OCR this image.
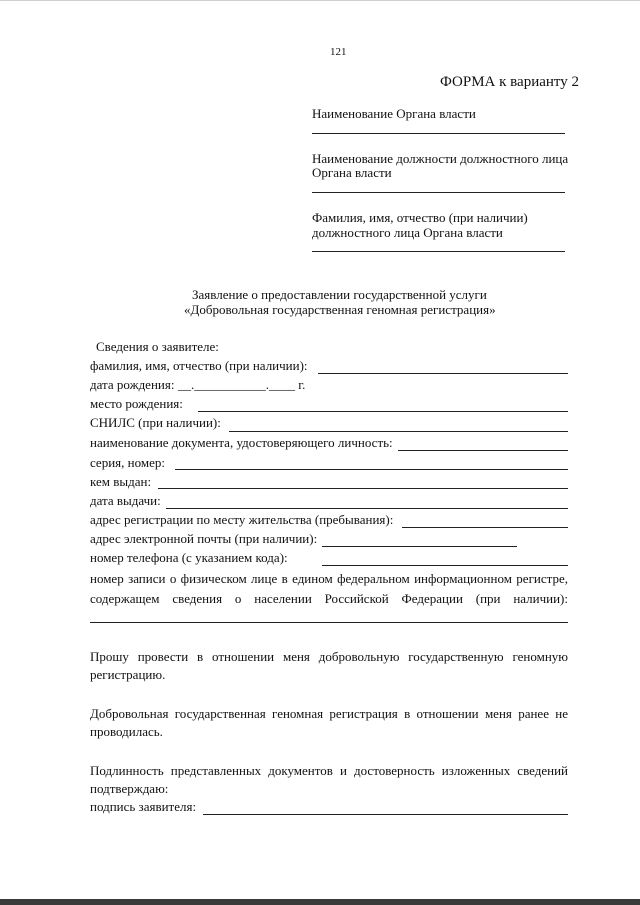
121
ФОРМА к варианту 2
Наименование Органа власти
Наименование должности должностного лица
Органа власти
Фамилия, имя, отчество (при наличии)
должностного лица Органа власти
Заявление о предоставлении государственной услуги
«Добровольная государственная геномная регистрация»
Сведения о заявителе:
фамилия, имя, отчество (при наличии):
дата рождения: __.___________.____ г.
место рождения:
СНИЛС (при наличии):
наименование документа, удостоверяющего личность:
серия, номер:
кем выдан:
дата выдачи:
адрес регистрации по месту жительства (пребывания):
адрес электронной почты (при наличии):
номер телефона (с указанием кода):
номер записи о физическом лице в едином федеральном информационном регистре,
содержащем сведения о населении Российской Федерации (при наличии):
Прошу провести в отношении меня добровольную государственную геномную
регистрацию.
Добровольная государственная геномная регистрация в отношении меня ранее не
проводилась.
Подлинность представленных документов и достоверность изложенных сведений
подтверждаю:
подпись заявителя:
